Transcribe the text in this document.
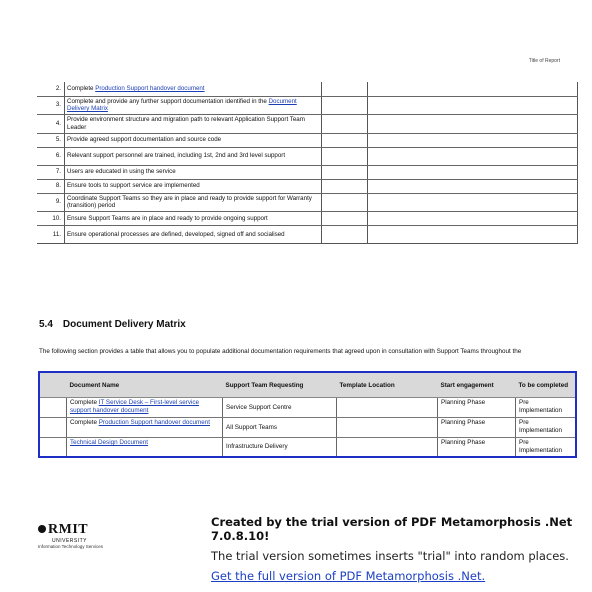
Title of Report
2.	Complete Production Support handover document		
3.	Complete and provide any further support documentation identified in the Document Delivery Matrix		
4.	Provide environment structure and migration path to relevant Application Support Team Leader		
5.	Provide agreed support documentation and source code		
6.	Relevant support personnel are trained, including 1st, 2nd and 3rd level support		
7.	Users are educated in using the service		
8.	Ensure tools to support service are implemented		
9.	Coordinate Support Teams so they are in place and ready to provide support for Warranty (transition) period		
10.	Ensure Support Teams are in place and ready to provide ongoing support		
11.	Ensure operational processes are defined, developed, signed off and socialised		
5.4 Document Delivery Matrix
The following section provides a table that allows you to populate additional documentation requirements that agreed upon in consultation with Support Teams throughout the
	Document Name	Support Team Requesting	Template Location	Start engagement	To be completed
	Complete IT Service Desk – First-level service support handover document	Service Support Centre		Planning Phase	Pre Implementation
	Complete Production Support handover document	All Support Teams		Planning Phase	Pre Implementation
	Technical Design Document	Infrastructure Delivery		Planning Phase	Pre Implementation
RMIT
UNIVERSITY
Information Technology Services
Created by the trial version of PDF Metamorphosis .Net 7.0.8.10!
The trial version sometimes inserts "trial" into random places.
Get the full version of PDF Metamorphosis .Net.
